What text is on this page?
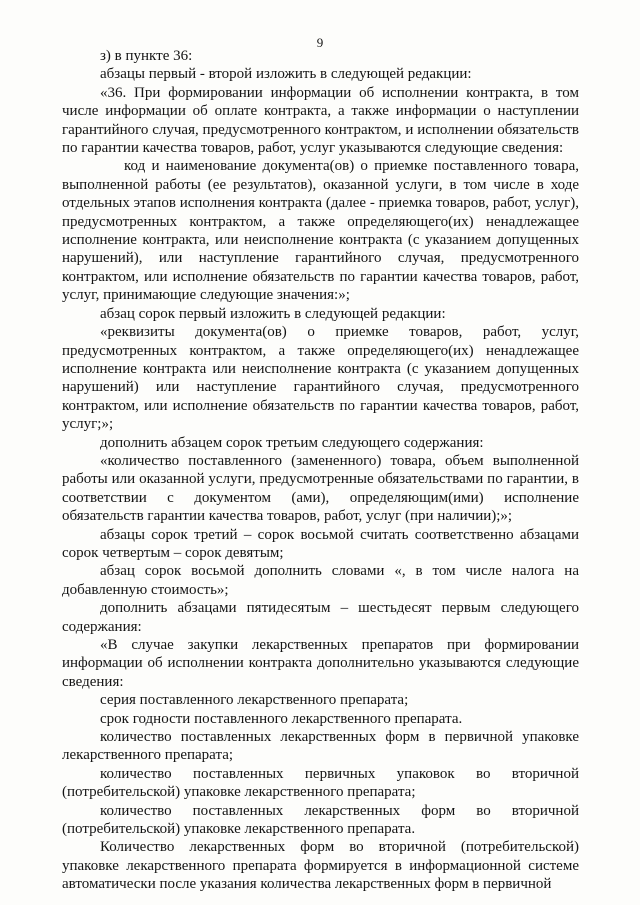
9

з) в пункте 36:

абзацы первый - второй изложить в следующей редакции:

«36. При формировании информации об исполнении контракта, в том числе информации об оплате контракта, а также информации о наступлении гарантийного случая, предусмотренного контрактом, и исполнении обязательств по гарантии качества товаров, работ, услуг указываются следующие сведения:

код и наименование документа(ов) о приемке поставленного товара, выполненной работы (ее результатов), оказанной услуги, в том числе в ходе отдельных этапов исполнения контракта (далее - приемка товаров, работ, услуг), предусмотренных контрактом, а также определяющего(их) ненадлежащее исполнение контракта, или неисполнение контракта (с указанием допущенных нарушений), или наступление гарантийного случая, предусмотренного контрактом, или исполнение обязательств по гарантии качества товаров, работ, услуг, принимающие следующие значения:»;

абзац сорок первый изложить в следующей редакции:

«реквизиты документа(ов) о приемке товаров, работ, услуг, предусмотренных контрактом, а также определяющего(их) ненадлежащее исполнение контракта или неисполнение контракта (с указанием допущенных нарушений) или наступление гарантийного случая, предусмотренного контрактом, или исполнение обязательств по гарантии качества товаров, работ, услуг;»;

дополнить абзацем сорок третьим следующего содержания:

«количество поставленного (замененного) товара, объем выполненной работы или оказанной услуги, предусмотренные обязательствами по гарантии, в соответствии с документом (ами), определяющим(ими) исполнение обязательств гарантии качества товаров, работ, услуг (при наличии);»;

абзацы сорок третий – сорок восьмой считать соответственно абзацами сорок четвертым – сорок девятым;

абзац сорок восьмой дополнить словами «, в том числе налога на добавленную стоимость»;

дополнить абзацами пятидесятым – шестьдесят первым следующего содержания:

«В случае закупки лекарственных препаратов при формировании информации об исполнении контракта дополнительно указываются следующие сведения:

серия поставленного лекарственного препарата;

срок годности поставленного лекарственного препарата.

количество поставленных лекарственных форм в первичной упаковке лекарственного препарата;

количество поставленных первичных упаковок во вторичной (потребительской) упаковке лекарственного препарата;

количество поставленных лекарственных форм во вторичной (потребительской) упаковке лекарственного препарата.

Количество лекарственных форм во вторичной (потребительской) упаковке лекарственного препарата формируется в информационной системе автоматически после указания количества лекарственных форм в первичной
